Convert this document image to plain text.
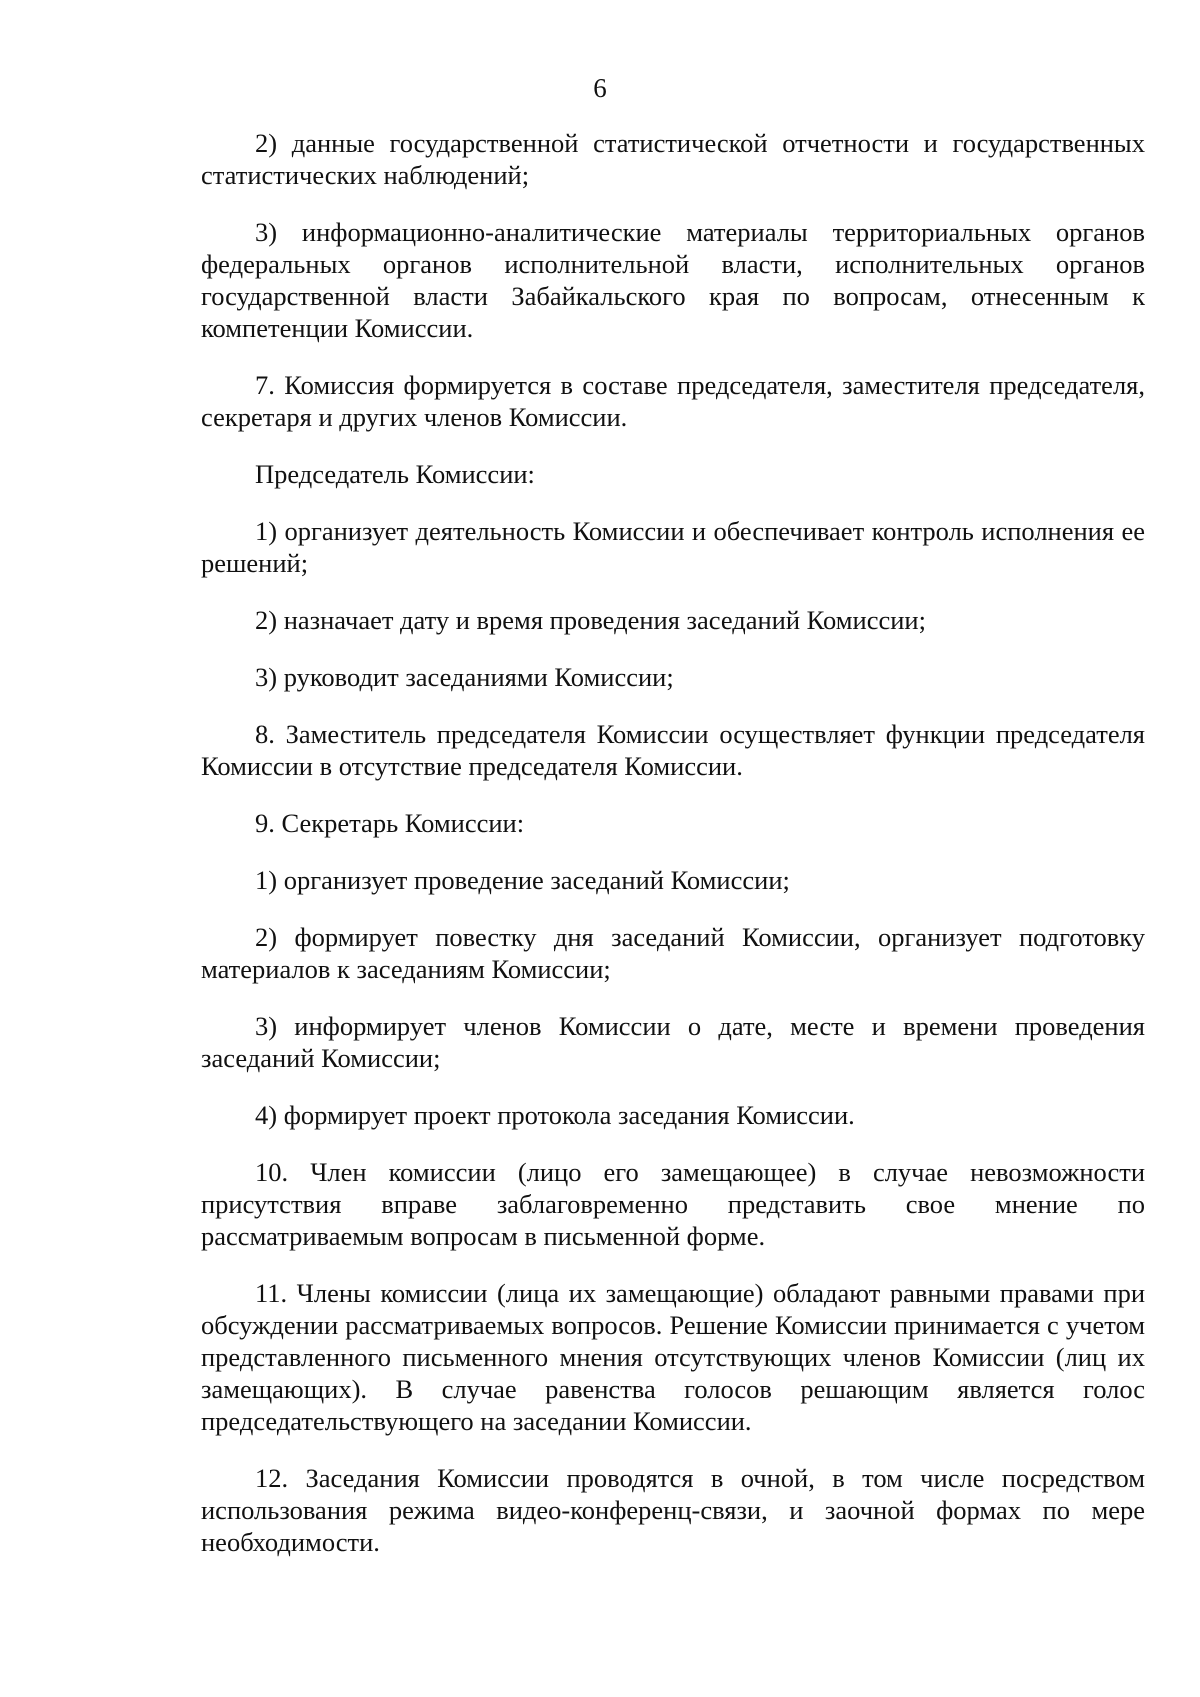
6

2) данные государственной статистической отчетности и государственных статистических наблюдений;

3) информационно-аналитические материалы территориальных органов федеральных органов исполнительной власти, исполнительных органов государственной власти Забайкальского края по вопросам, отнесенным к компетенции Комиссии.

7. Комиссия формируется в составе председателя, заместителя председателя, секретаря и других членов Комиссии.

Председатель Комиссии:

1) организует деятельность Комиссии и обеспечивает контроль исполнения ее решений;

2) назначает дату и время проведения заседаний Комиссии;

3) руководит заседаниями Комиссии;

8. Заместитель председателя Комиссии осуществляет функции председателя Комиссии в отсутствие председателя Комиссии.

9. Секретарь Комиссии:

1) организует проведение заседаний Комиссии;

2) формирует повестку дня заседаний Комиссии, организует подготовку материалов к заседаниям Комиссии;

3) информирует членов Комиссии о дате, месте и времени проведения заседаний Комиссии;

4) формирует проект протокола заседания Комиссии.

10. Член комиссии (лицо его замещающее) в случае невозможности присутствия вправе заблаговременно представить свое мнение по рассматриваемым вопросам в письменной форме.

11. Члены комиссии (лица их замещающие) обладают равными правами при обсуждении рассматриваемых вопросов. Решение Комиссии принимается с учетом представленного письменного мнения отсутствующих членов Комиссии (лиц их замещающих). В случае равенства голосов решающим является голос председательствующего на заседании Комиссии.

12. Заседания Комиссии проводятся в очной, в том числе посредством использования режима видео-конференц-связи, и заочной формах по мере необходимости.
